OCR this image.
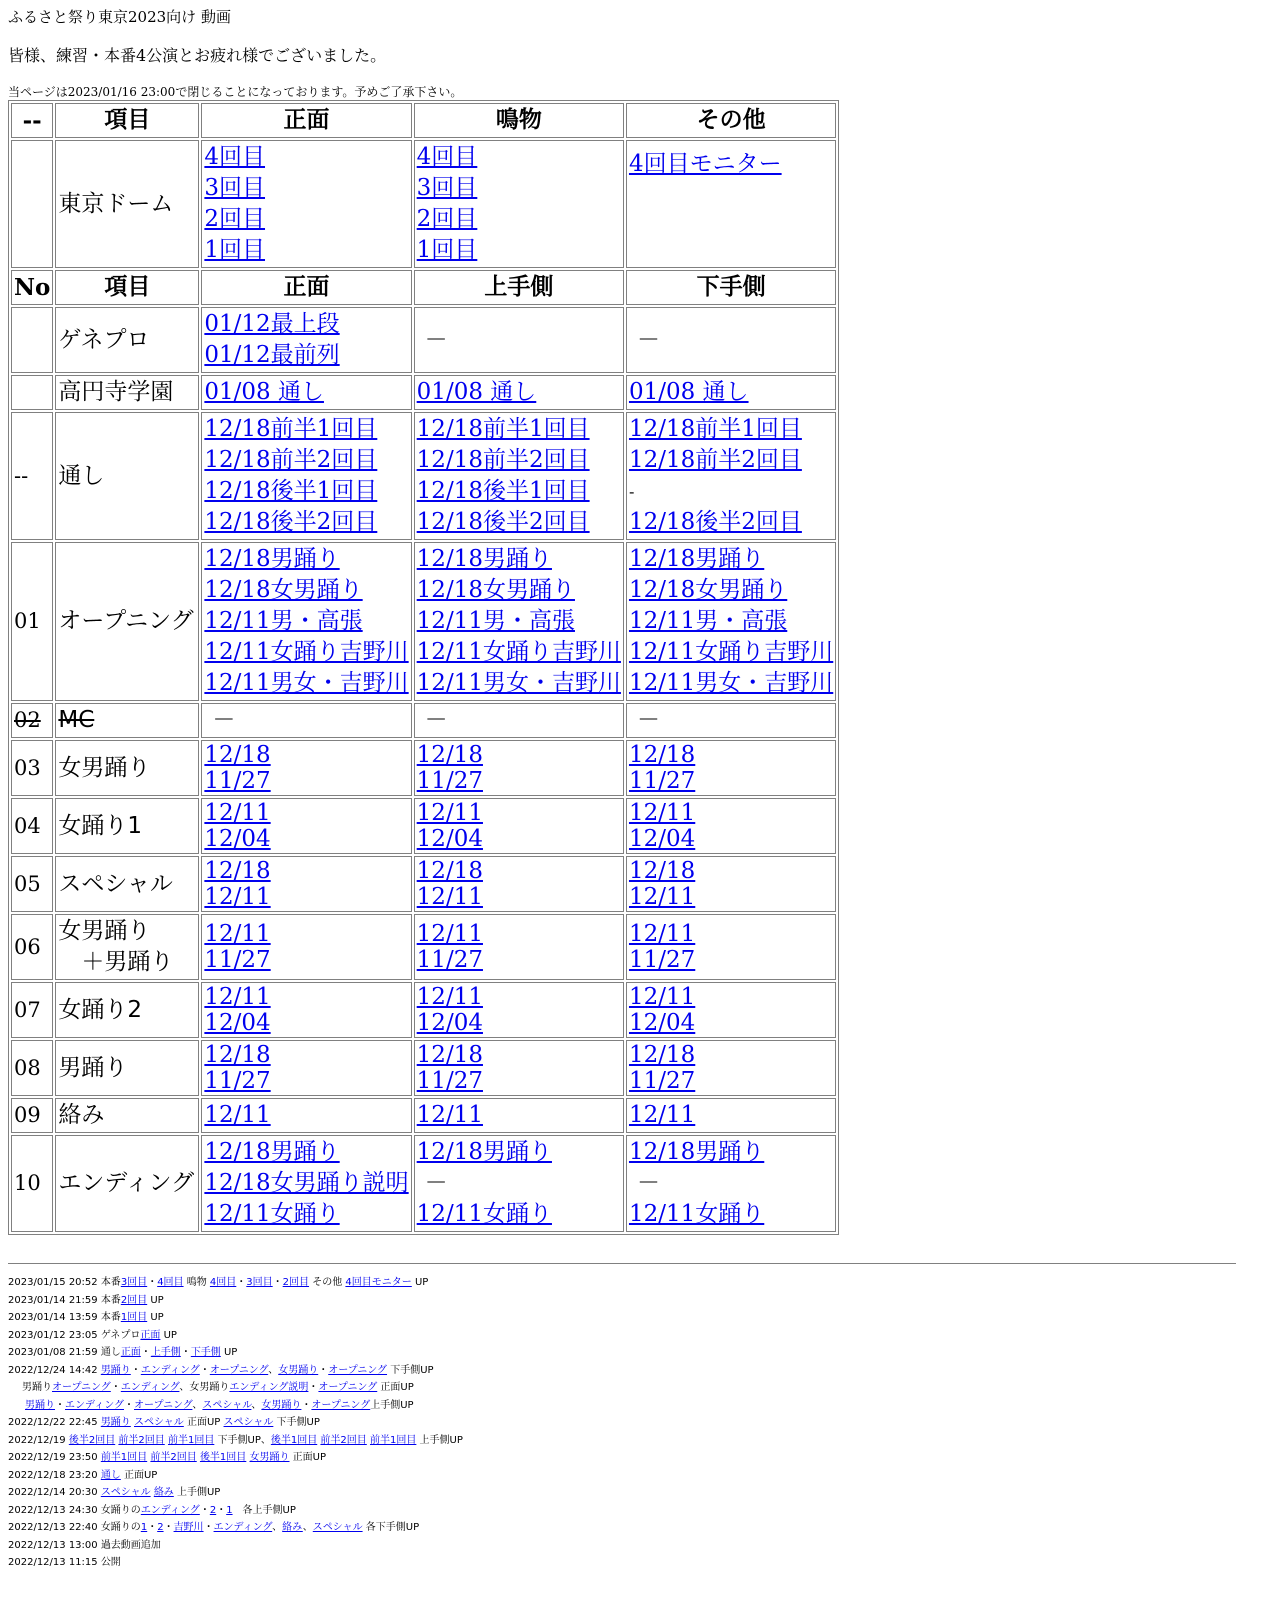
ふるさと祭り東京2023向け 動画
皆様、練習・本番4公演とお疲れ様でございました。
当ページは2023/01/16 23:00で閉じることになっております。予めご了承下さい。
--	項目	正面	鳴物	その他
	東京ドーム	4回目
3回目
2回目
1回目	4回目
3回目
2回目
1回目	4回目モニター

No	項目	正面	上手側	下手側
	ゲネプロ	01/12最上段
01/12最前列	－	－

	高円寺学園	01/08 通し	01/08 通し	01/08 通し

--	通し	12/18前半1回目
12/18前半2回目
12/18後半1回目
12/18後半2回目	12/18前半1回目
12/18前半2回目
12/18後半1回目
12/18後半2回目	12/18前半1回目
12/18前半2回目
-
12/18後半2回目

01	オープニング	12/18男踊り
12/18女男踊り
12/11男・高張
12/11女踊り吉野川
12/11男女・吉野川	12/18男踊り
12/18女男踊り
12/11男・高張
12/11女踊り吉野川
12/11男女・吉野川	12/18男踊り
12/18女男踊り
12/11男・高張
12/11女踊り吉野川
12/11男女・吉野川

02	MC	－	－	－

03	女男踊り	12/18
11/27	12/18
11/27	12/18
11/27

04	女踊り1	12/11
12/04	12/11
12/04	12/11
12/04

05	スペシャル	12/18
12/11	12/18
12/11	12/18
12/11

06	女男踊り
　＋男踊り	12/11
11/27	12/11
11/27	12/11
11/27

07	女踊り2	12/11
12/04	12/11
12/04	12/11
12/04

08	男踊り	12/18
11/27	12/18
11/27	12/18
11/27

09	絡み	12/11	12/11	12/11

10	エンディング	12/18男踊り
12/18女男踊り説明
12/11女踊り	12/18男踊り
－
12/11女踊り	12/18男踊り
－
12/11女踊り
2023/01/15 20:52 本番3回目・4回目 鳴物 4回目・3回目・2回目 その他 4回目モニター UP
2023/01/14 21:59 本番2回目 UP
2023/01/14 13:59 本番1回目 UP
2023/01/12 23:05 ゲネプロ正面 UP
2023/01/08 21:59 通し正面・上手側・下手側 UP
2022/12/24 14:42 男踊り・エンディング・オープニング、女男踊り・オープニング 下手側UP
男踊りオープニング・エンディング、女男踊りエンディング説明・オープニング 正面UP
男踊り・エンディング・オープニング、スペシャル、女男踊り・オープニング上手側UP
2022/12/22 22:45 男踊り スペシャル 正面UP スペシャル 下手側UP
2022/12/19 後半2回目 前半2回目 前半1回目 下手側UP、後半1回目 前半2回目 前半1回目 上手側UP
2022/12/19 23:50 前半1回目 前半2回目 後半1回目 女男踊り 正面UP
2022/12/18 23:20 通し 正面UP
2022/12/14 20:30 スペシャル 絡み 上手側UP
2022/12/13 24:30 女踊りのエンディング・2・1　各上手側UP
2022/12/13 22:40 女踊りの1・2・吉野川・エンディング、絡み、スペシャル 各下手側UP
2022/12/13 13:00 過去動画追加
2022/12/13 11:15 公開
